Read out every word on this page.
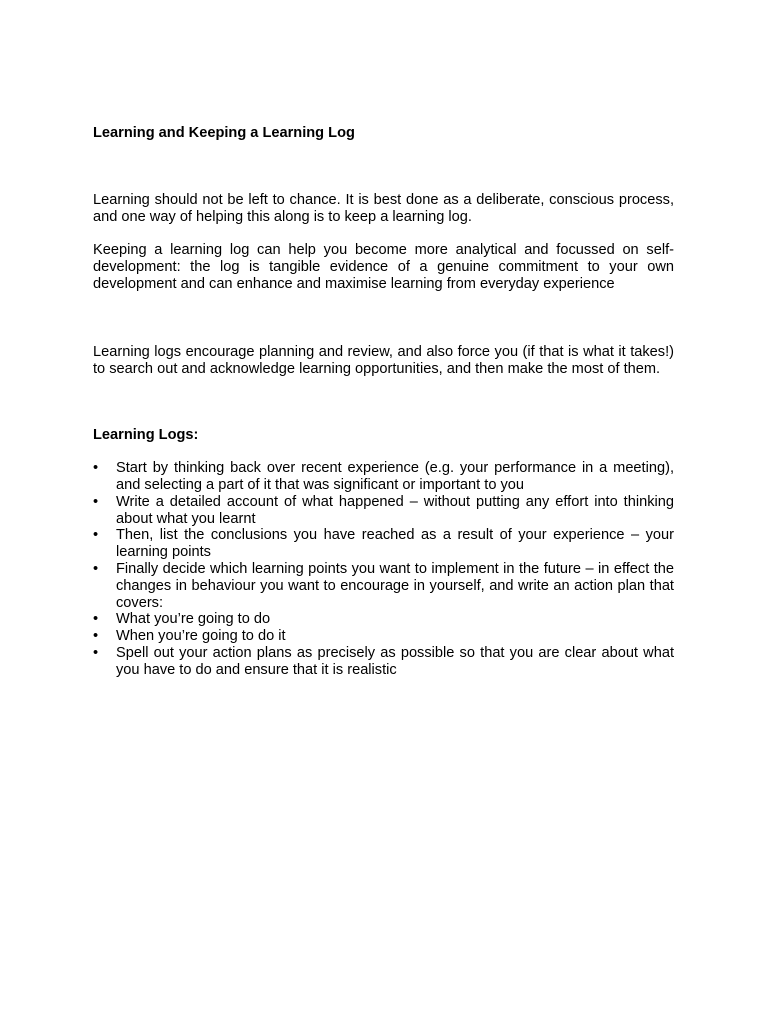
Learning and Keeping a Learning Log

Learning should not be left to chance. It is best done as a deliberate, conscious process, and one way of helping this along is to keep a learning log.

Keeping a learning log can help you become more analytical and focussed on self-development: the log is tangible evidence of a genuine commitment to your own development and can enhance and maximise learning from everyday experience

Learning logs encourage planning and review, and also force you (if that is what it takes!) to search out and acknowledge learning opportunities, and then make the most of them.

Learning Logs:

• Start by thinking back over recent experience (e.g. your performance in a meeting), and selecting a part of it that was significant or important to you
• Write a detailed account of what happened – without putting any effort into thinking about what you learnt
• Then, list the conclusions you have reached as a result of your experience – your learning points
• Finally decide which learning points you want to implement in the future – in effect the changes in behaviour you want to encourage in yourself, and write an action plan that covers:
• What you’re going to do
• When you’re going to do it
• Spell out your action plans as precisely as possible so that you are clear about what you have to do and ensure that it is realistic
